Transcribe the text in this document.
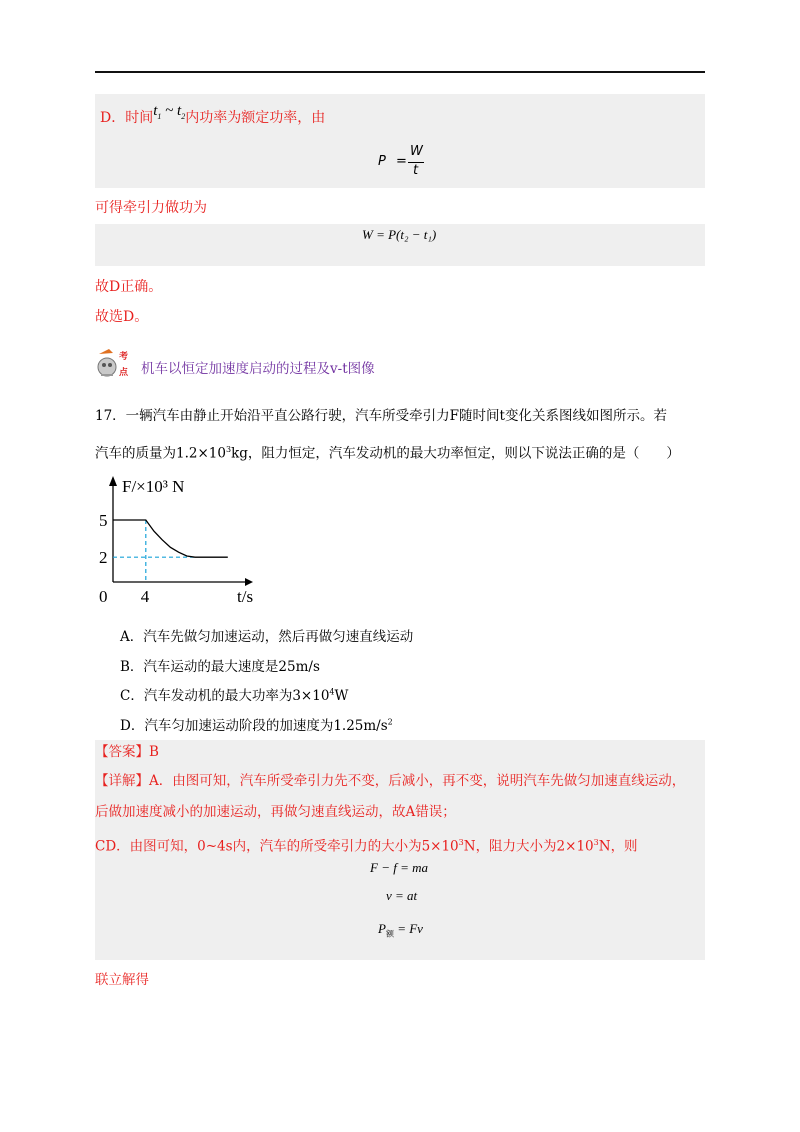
D．时间$t_1$ ~ $t_2$内功率为额定功率，由
P =
W
t
可得牵引力做功为
W = P(t₂ − t₁)
故D正确。
故选D。
考
点 机车以恒定加速度启动的过程及v-t图像
17．一辆汽车由静止开始沿平直公路行驶，汽车所受牵引力F随时间t变化关系图线如图所示。若
汽车的质量为$1.2\times 10^3kg$，阻力恒定，汽车发动机的最大功率恒定，则以下说法正确的是（　　）
F/×10³ N
t/s
0
5
2
4
A．汽车先做匀加速运动，然后再做匀速直线运动
B．汽车运动的最大速度是25m/s
C．汽车发动机的最大功率为$3\times 10^4W$
D．汽车匀加速运动阶段的加速度为$1.25m/s^2$
【答案】B
【详解】A．由图可知，汽车所受牵引力先不变，后减小，再不变，说明汽车先做匀加速直线运动，
后做加速度减小的加速运动，再做匀速直线运动，故A错误；
CD．由图可知，0~4s内，汽车的所受牵引力的大小为$5\times 10^3N$，阻力大小为$2\times 10^3N$，则
F − f = ma
v = at
$P_额 = Fv$
联立解得
